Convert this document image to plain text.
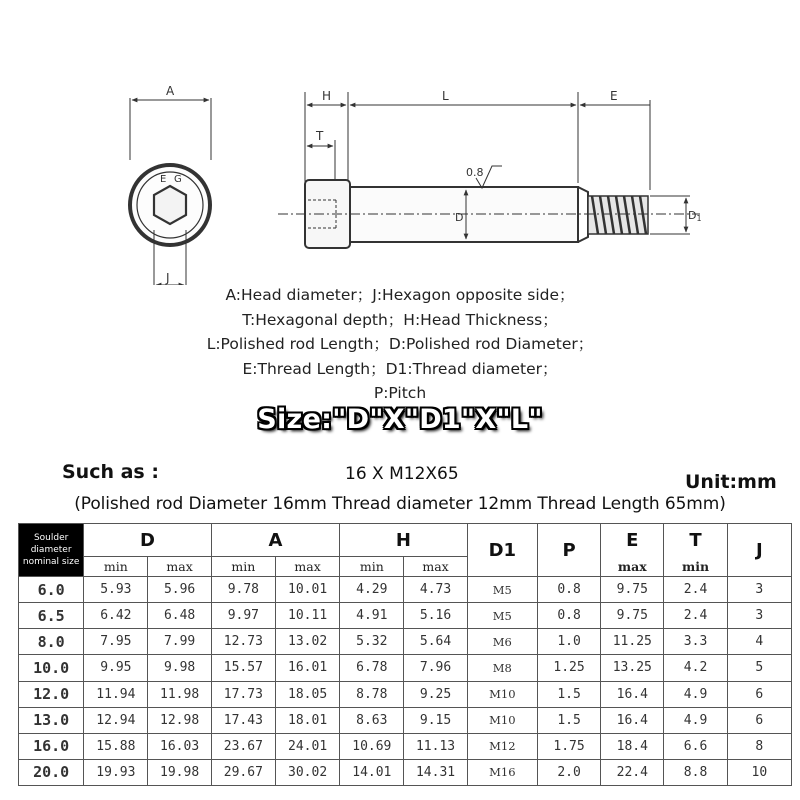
A
E G
J
H	L	E
T
0.8
D	D1
A:Head diameter；J:Hexagon opposite side；
T:Hexagonal depth；H:Head Thickness；
L:Polished rod Length；D:Polished rod Diameter；
E:Thread Length；D1:Thread diameter；
P:Pitch
Size:"D"X"D1"X"L"
Such as :	16 X M12X65	Unit:mm
(Polished rod Diameter 16mm Thread diameter 12mm Thread Length 65mm)
Soulder
diameter
nominal size	D		A		H		D1	P	E	T	J
	min	max	min	max	min	max			max	min	
6.0	5.93	5.96	9.78	10.01	4.29	4.73	M5	0.8	9.75	2.4	3
6.5	6.42	6.48	9.97	10.11	4.91	5.16	M5	0.8	9.75	2.4	3
8.0	7.95	7.99	12.73	13.02	5.32	5.64	M6	1.0	11.25	3.3	4
10.0	9.95	9.98	15.57	16.01	6.78	7.96	M8	1.25	13.25	4.2	5
12.0	11.94	11.98	17.73	18.05	8.78	9.25	M10	1.5	16.4	4.9	6
13.0	12.94	12.98	17.43	18.01	8.63	9.15	M10	1.5	16.4	4.9	6
16.0	15.88	16.03	23.67	24.01	10.69	11.13	M12	1.75	18.4	6.6	8
20.0	19.93	19.98	29.67	30.02	14.01	14.31	M16	2.0	22.4	8.8	10
